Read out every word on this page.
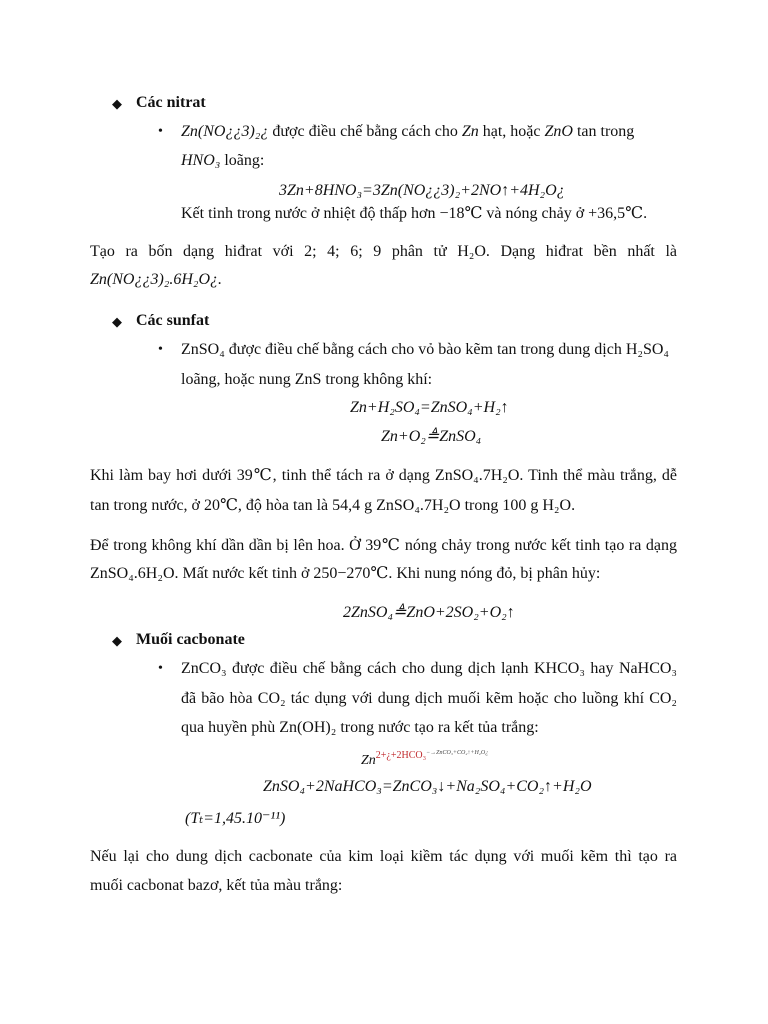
◆ Các nitrat
• Zn(NO¿¿3)₂¿ được điều chế bằng cách cho Zn hạt, hoặc ZnO tan trong
HNO₃ loãng:
3Zn+8HNO₃=3Zn(NO¿¿3)₂+2NO↑+4H₂O¿
Kết tinh trong nước ở nhiệt độ thấp hơn −18℃ và nóng chảy ở +36,5℃.
Tạo ra bốn dạng hiđrat với 2; 4; 6; 9 phân tử H₂O. Dạng hiđrat bền nhất là
Zn(NO¿¿3)₂.6H₂O¿.
◆ Các sunfat
• ZnSO₄ được điều chế bằng cách cho vỏ bào kẽm tan trong dung dịch H₂SO₄
loãng, hoặc nung ZnS trong không khí:
Zn+H₂SO₄=ZnSO₄+H₂↑
Zn+O₂≜ZnSO₄
Khi làm bay hơi dưới 39℃, tinh thể tách ra ở dạng ZnSO₄.7H₂O. Tinh thể màu trắng, dễ
tan trong nước, ở 20℃, độ hòa tan là 54,4 g ZnSO₄.7H₂O trong 100 g H₂O.
Để trong không khí dần dần bị lên hoa. Ở 39℃ nóng chảy trong nước kết tinh tạo ra dạng
ZnSO₄.6H₂O. Mất nước kết tinh ở 250−270℃. Khi nung nóng đỏ, bị phân hủy:
2ZnSO₄≜ZnO+2SO₂+O₂↑
◆ Muối cacbonate
• ZnCO₃ được điều chế bằng cách cho dung dịch lạnh KHCO₃ hay NaHCO₃
đã bão hòa CO₂ tác dụng với dung dịch muối kẽm hoặc cho luồng khí CO₂
qua huyền phù Zn(OH)₂ trong nước tạo ra kết tủa trắng:
$Zn^{2+¿+2HCO_3-\to ZnCO_3+CO_2↑+H_2O¿}$
ZnSO₄+2NaHCO₃=ZnCO₃↓+Na₂SO₄+CO₂↑+H₂O
(Tₜ=1,45.10⁻¹¹)
Nếu lại cho dung dịch cacbonate của kim loại kiềm tác dụng với muối kẽm thì tạo ra
muối cacbonat bazơ, kết tủa màu trắng:
